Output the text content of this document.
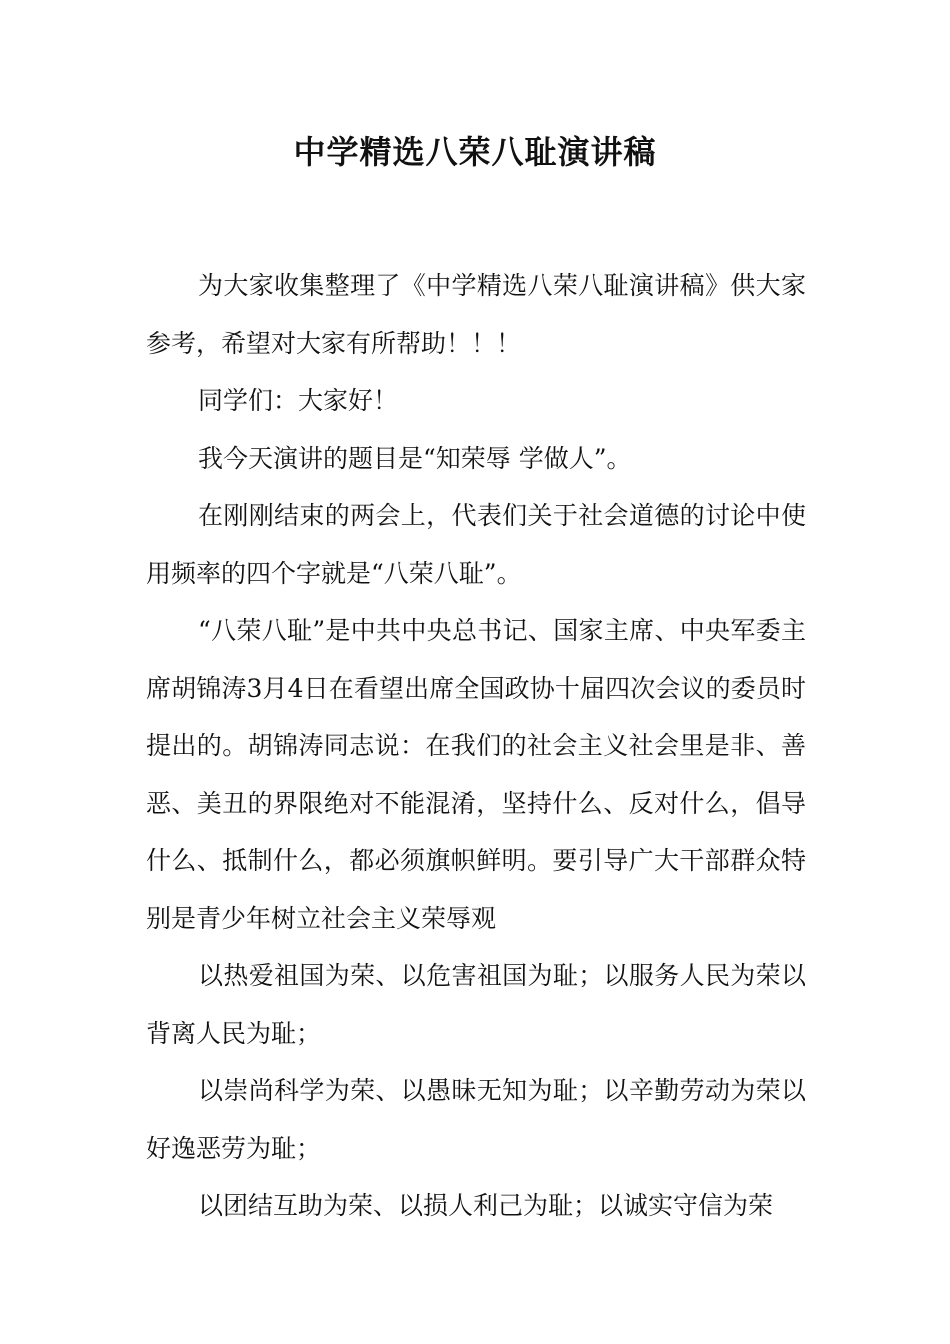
中学精选八荣八耻演讲稿

为大家收集整理了《中学精选八荣八耻演讲稿》供大家参考，希望对大家有所帮助！！！

同学们：大家好！

我今天演讲的题目是“知荣辱 学做人”。

在刚刚结束的两会上，代表们关于社会道德的讨论中使用频率的四个字就是“八荣八耻”。

“八荣八耻”是中共中央总书记、国家主席、中央军委主席胡锦涛3月4日在看望出席全国政协十届四次会议的委员时提出的。胡锦涛同志说：在我们的社会主义社会里是非、善恶、美丑的界限绝对不能混淆，坚持什么、反对什么，倡导什么、抵制什么，都必须旗帜鲜明。要引导广大干部群众特别是青少年树立社会主义荣辱观

以热爱祖国为荣、以危害祖国为耻；以服务人民为荣以背离人民为耻；

以崇尚科学为荣、以愚昧无知为耻；以辛勤劳动为荣以好逸恶劳为耻；

以团结互助为荣、以损人利己为耻；以诚实守信为荣
